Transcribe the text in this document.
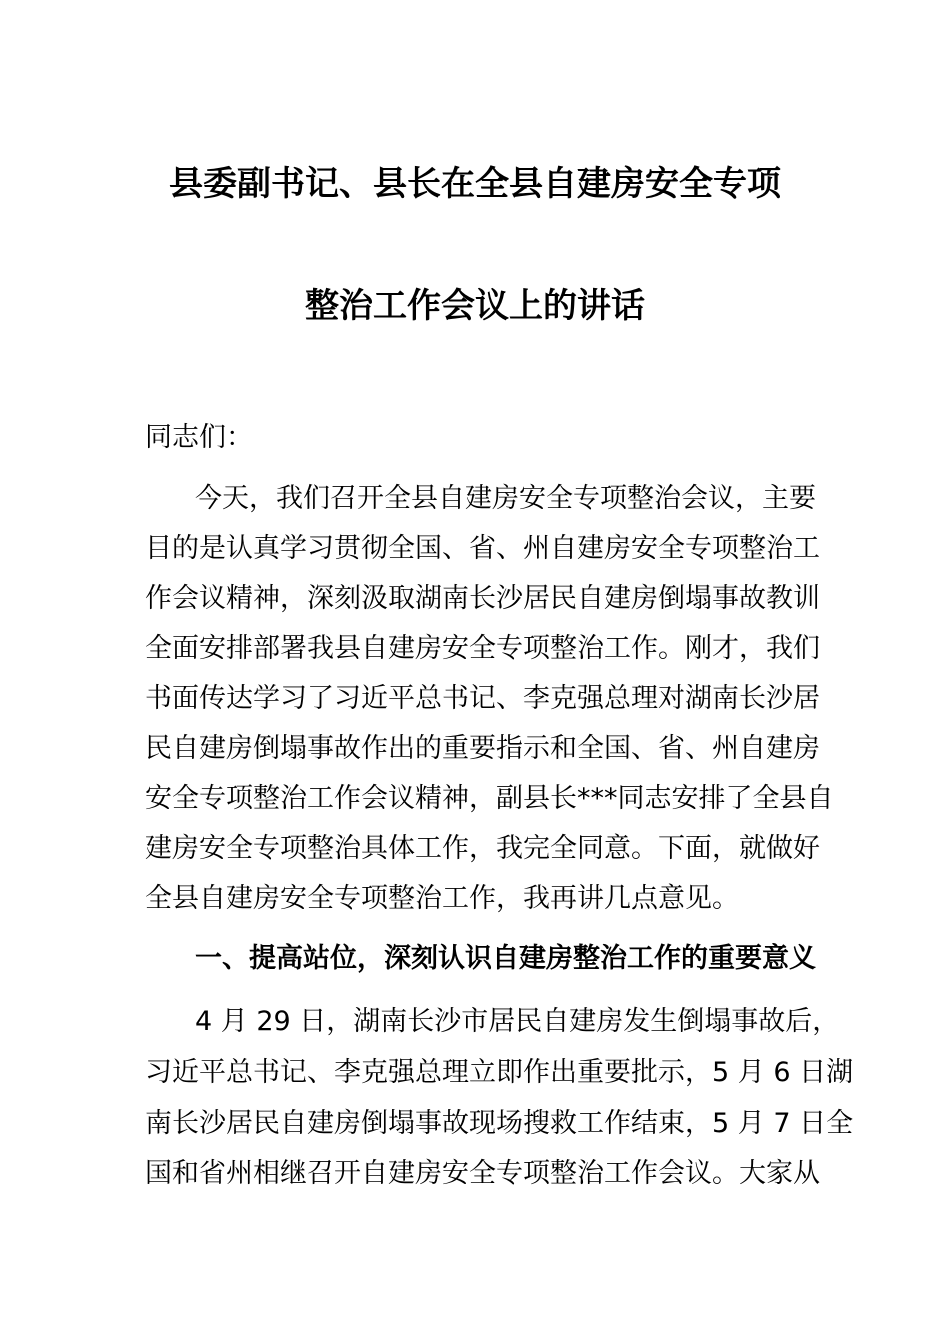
县委副书记、县长在全县自建房安全专项
整治工作会议上的讲话
同志们：
今天，我们召开全县自建房安全专项整治会议，主要
目的是认真学习贯彻全国、省、州自建房安全专项整治工
作会议精神，深刻汲取湖南长沙居民自建房倒塌事故教训
全面安排部署我县自建房安全专项整治工作。刚才，我们
书面传达学习了习近平总书记、李克强总理对湖南长沙居
民自建房倒塌事故作出的重要指示和全国、省、州自建房
安全专项整治工作会议精神，副县长***同志安排了全县自
建房安全专项整治具体工作，我完全同意。下面，就做好
全县自建房安全专项整治工作，我再讲几点意见。
一、提高站位，深刻认识自建房整治工作的重要意义
4 月 29 日，湖南长沙市居民自建房发生倒塌事故后，
习近平总书记、李克强总理立即作出重要批示，5 月 6 日湖
南长沙居民自建房倒塌事故现场搜救工作结束，5 月 7 日全
国和省州相继召开自建房安全专项整治工作会议。大家从
